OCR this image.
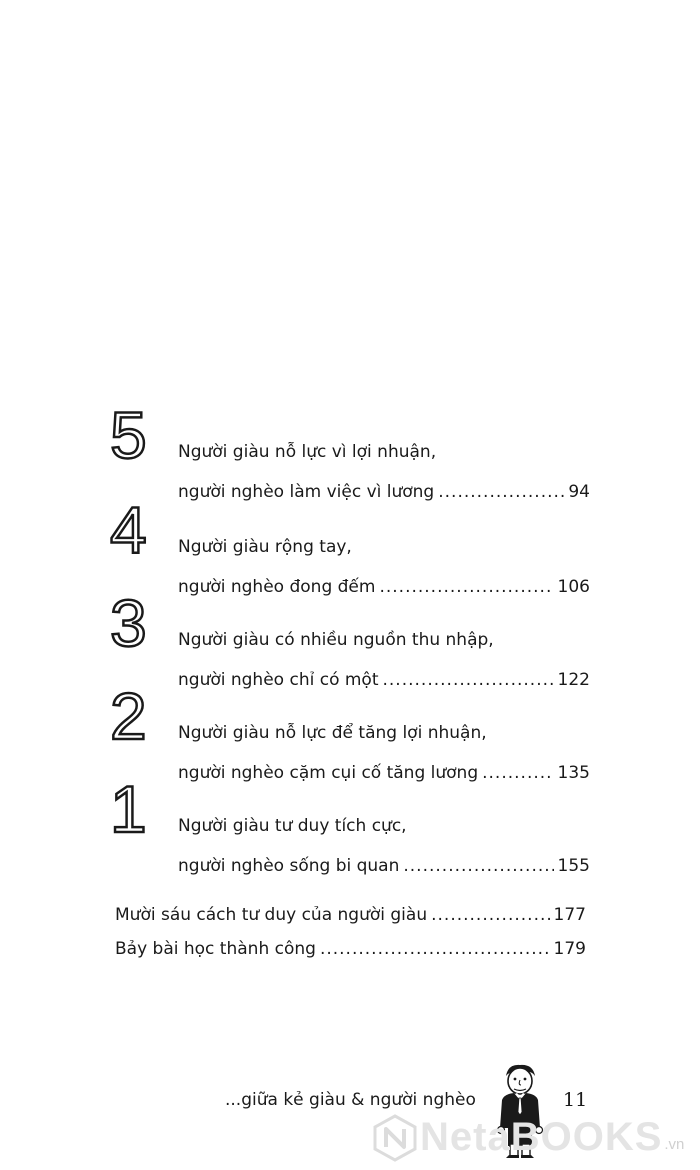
5 Người giàu nỗ lực vì lợi nhuận,
người nghèo làm việc vì lương .....	94
4 Người giàu rộng tay,
người nghèo đong đếm .....	106
3 Người giàu có nhiều nguồn thu nhập,
người nghèo chỉ có một .....	122
2 Người giàu nỗ lực để tăng lợi nhuận,
người nghèo cặm cụi cố tăng lương .....	135
1 Người giàu tư duy tích cực,
người nghèo sống bi quan .....	155
Mười sáu cách tư duy của người giàu .....	177
Bảy bài học thành công .....	179
...giữa kẻ giàu & người nghèo	11
NetaBOOKS .vn
